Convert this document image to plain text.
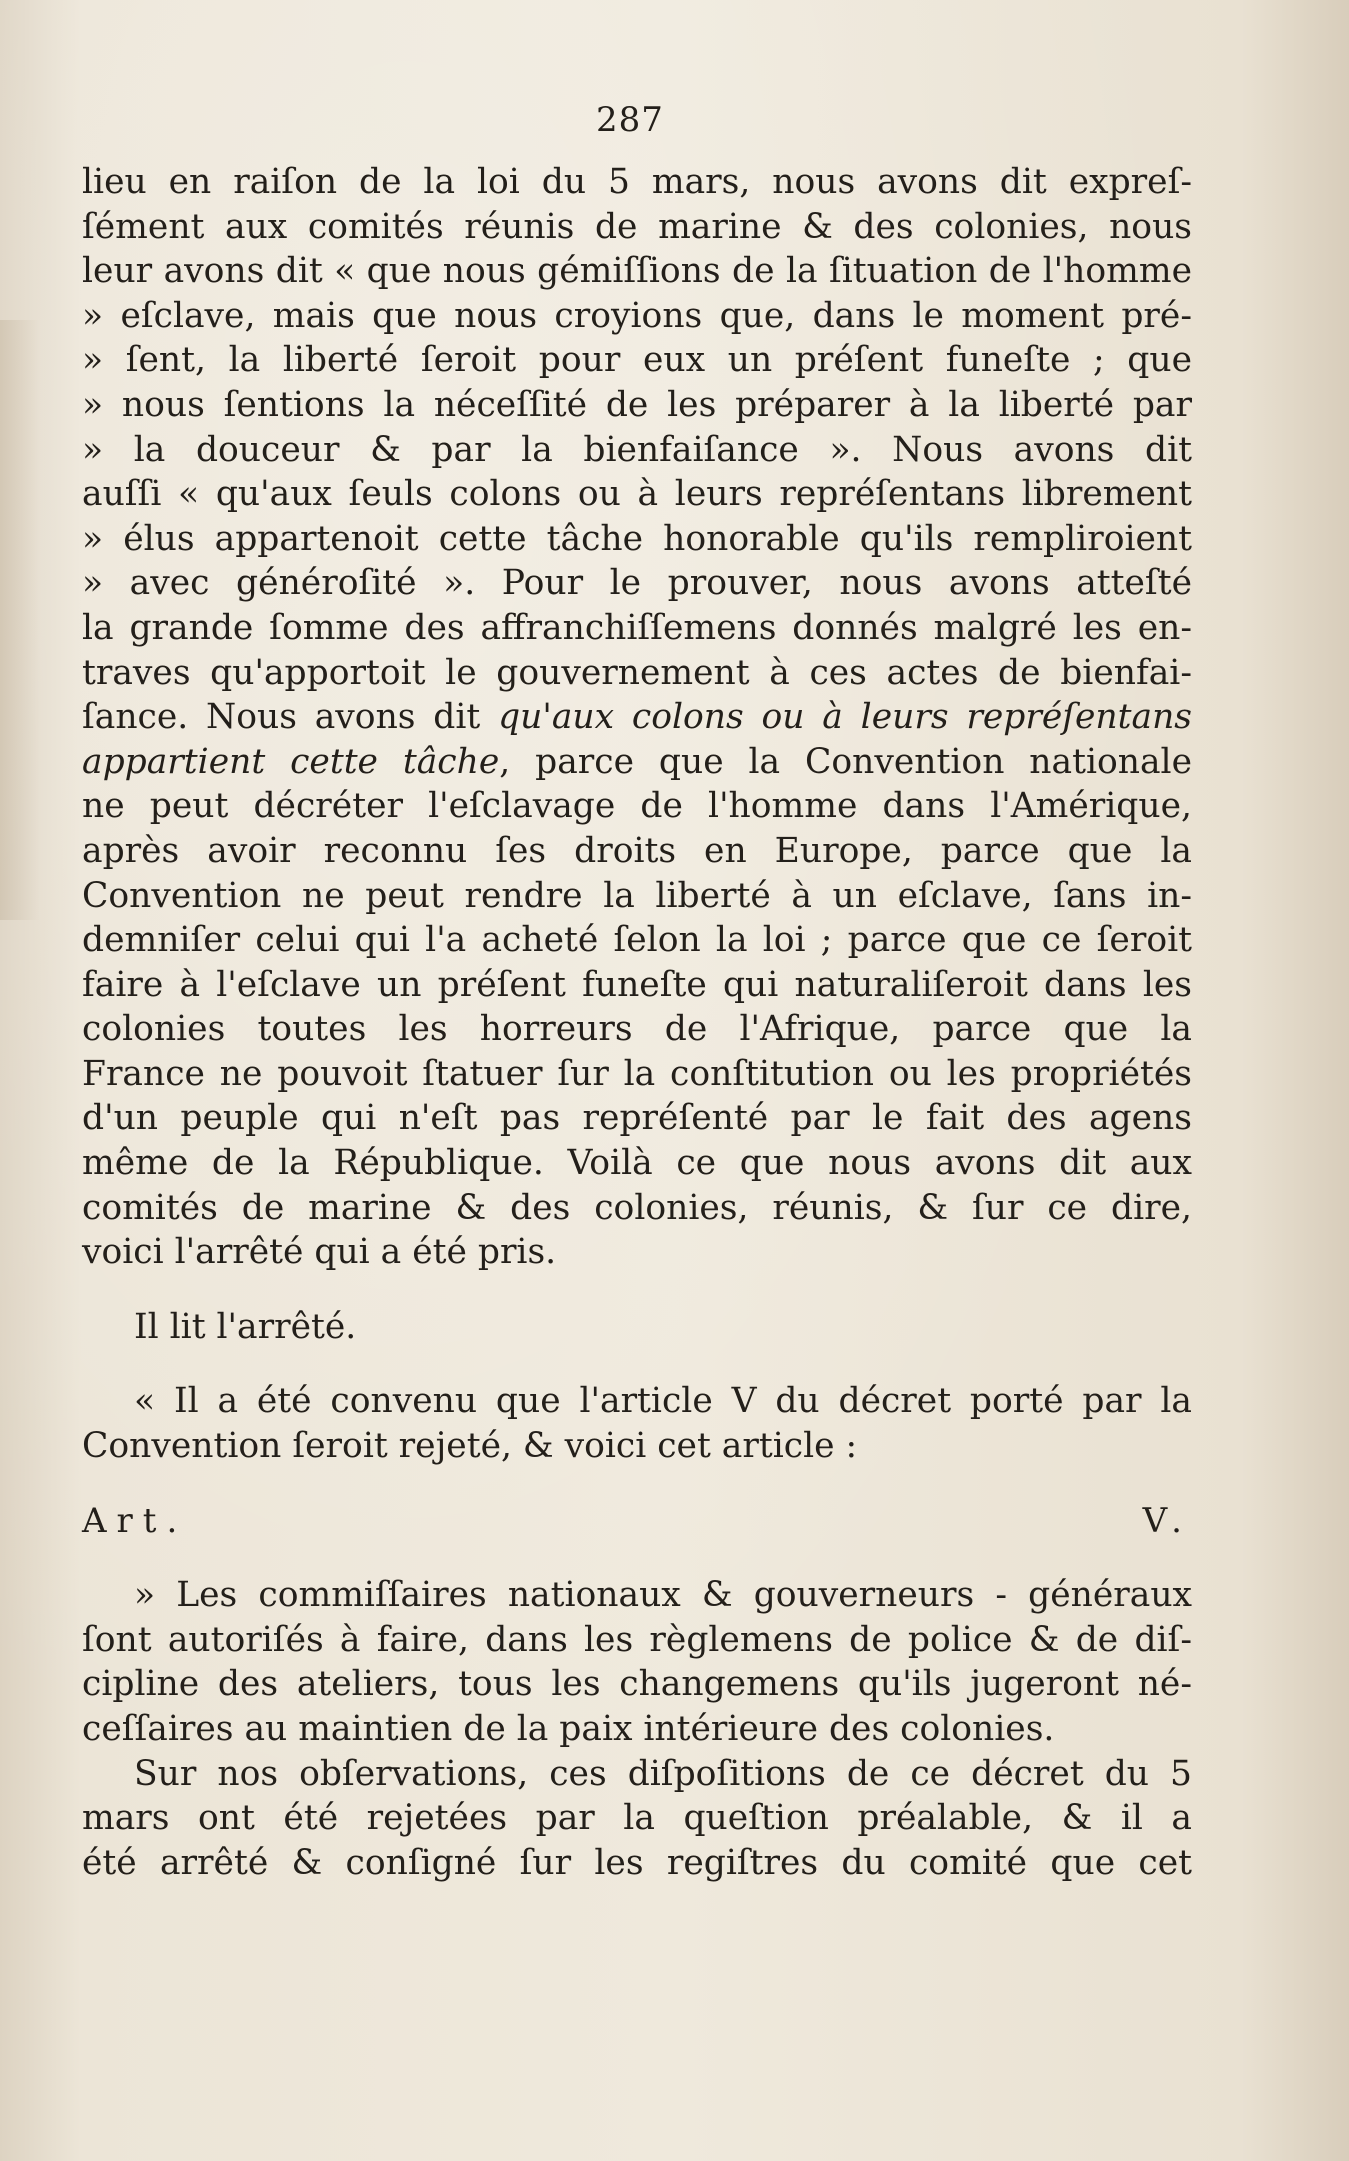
287

lieu en raiſon de la loi du 5 mars, nous avons dit expreſ-

ſément aux comités réunis de marine & des colonies, nous

leur avons dit « que nous gémiſſions de la ſituation de l'homme

» eſclave, mais que nous croyions que, dans le moment pré-

» ſent, la liberté ſeroit pour eux un préſent funeſte ; que

» nous ſentions la néceſſité de les préparer à la liberté par

» la douceur & par la bienfaiſance ». Nous avons dit

auſſi « qu'aux ſeuls colons ou à leurs repréſentans librement

» élus appartenoit cette tâche honorable qu'ils rempliroient

» avec généroſité ». Pour le prouver, nous avons atteſté

la grande ſomme des affranchiſſemens donnés malgré les en-

traves qu'apportoit le gouvernement à ces actes de bienfai-

ſance. Nous avons dit qu'aux colons ou à leurs repréſentans

appartient cette tâche, parce que la Convention nationale

ne peut décréter l'eſclavage de l'homme dans l'Amérique,

après avoir reconnu ſes droits en Europe, parce que la

Convention ne peut rendre la liberté à un eſclave, ſans in-

demniſer celui qui l'a acheté ſelon la loi ; parce que ce ſeroit

faire à l'eſclave un préſent funeſte qui naturaliſeroit dans les

colonies toutes les horreurs de l'Afrique, parce que la

France ne pouvoit ſtatuer ſur la conſtitution ou les propriétés

d'un peuple qui n'eſt pas repréſenté par le fait des agens

même de la République. Voilà ce que nous avons dit aux

comités de marine & des colonies, réunis, & ſur ce dire,

voici l'arrêté qui a été pris.

Il lit l'arrêté.

« Il a été convenu que l'article V du décret porté par la

Convention ſeroit rejeté, & voici cet article :

Art. V.

» Les commiſſaires nationaux & gouverneurs - généraux

ſont autoriſés à faire, dans les règlemens de police & de diſ-

cipline des ateliers, tous les changemens qu'ils jugeront né-

ceſſaires au maintien de la paix intérieure des colonies.

Sur nos obſervations, ces diſpoſitions de ce décret du 5

mars ont été rejetées par la queſtion préalable, & il a

été arrêté & conſigné ſur les regiſtres du comité que cet
